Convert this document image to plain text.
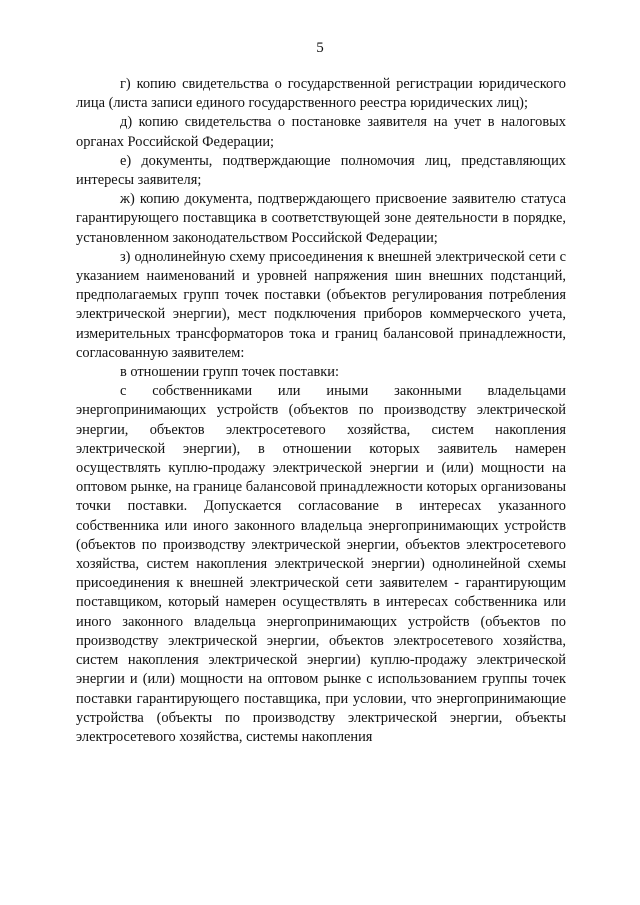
5

г) копию свидетельства о государственной регистрации юридического лица (листа записи единого государственного реестра юридических лиц);

д) копию свидетельства о постановке заявителя на учет в налоговых органах Российской Федерации;

е) документы, подтверждающие полномочия лиц, представляющих интересы заявителя;

ж) копию документа, подтверждающего присвоение заявителю статуса гарантирующего поставщика в соответствующей зоне деятельности в порядке, установленном законодательством Российской Федерации;

з) однолинейную схему присоединения к внешней электрической сети с указанием наименований и уровней напряжения шин внешних подстанций, предполагаемых групп точек поставки (объектов регулирования потребления электрической энергии), мест подключения приборов коммерческого учета, измерительных трансформаторов тока и границ балансовой принадлежности, согласованную заявителем:

в отношении групп точек поставки:

с собственниками или иными законными владельцами энергопринимающих устройств (объектов по производству электрической энергии, объектов электросетевого хозяйства, систем накопления электрической энергии), в отношении которых заявитель намерен осуществлять куплю-продажу электрической энергии и (или) мощности на оптовом рынке, на границе балансовой принадлежности которых организованы точки поставки. Допускается согласование в интересах указанного собственника или иного законного владельца энергопринимающих устройств (объектов по производству электрической энергии, объектов электросетевого хозяйства, систем накопления электрической энергии) однолинейной схемы присоединения к внешней электрической сети заявителем - гарантирующим поставщиком, который намерен осуществлять в интересах собственника или иного законного владельца энергопринимающих устройств (объектов по производству электрической энергии, объектов электросетевого хозяйства, систем накопления электрической энергии) куплю-продажу электрической энергии и (или) мощности на оптовом рынке с использованием группы точек поставки гарантирующего поставщика, при условии, что энергопринимающие устройства (объекты по производству электрической энергии, объекты электросетевого хозяйства, системы накопления
